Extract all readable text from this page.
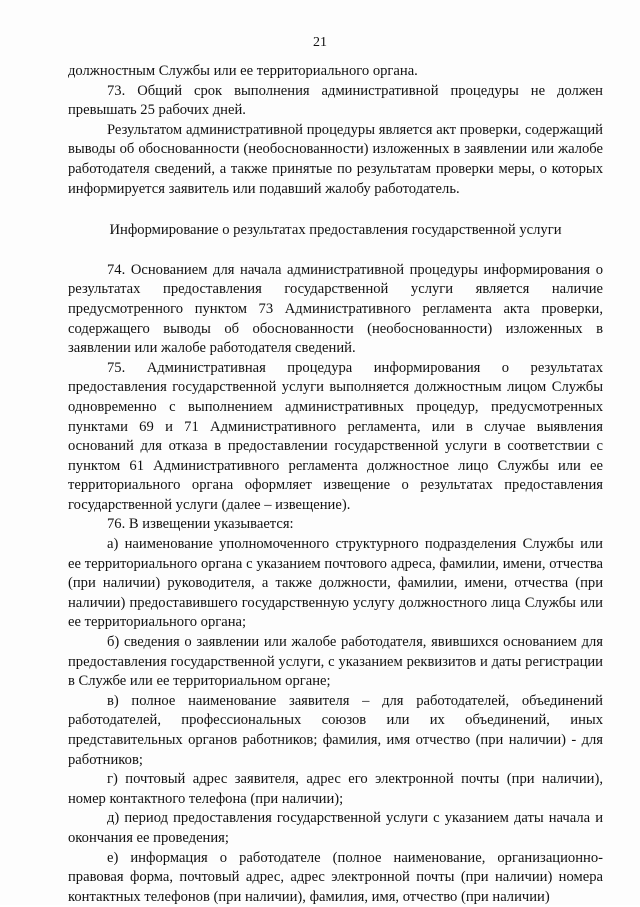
21

должностным Службы или ее территориального органа.

73. Общий срок выполнения административной процедуры не должен превышать 25 рабочих дней.

Результатом административной процедуры является акт проверки, содержащий выводы об обоснованности (необоснованности) изложенных в заявлении или жалобе работодателя сведений, а также принятые по результатам проверки меры, о которых информируется заявитель или подавший жалобу работодатель.

Информирование о результатах предоставления государственной услуги

74. Основанием для начала административной процедуры информирования о результатах предоставления государственной услуги является наличие предусмотренного пунктом 73 Административного регламента акта проверки, содержащего выводы об обоснованности (необоснованности) изложенных в заявлении или жалобе работодателя сведений.

75. Административная процедура информирования о результатах предоставления государственной услуги выполняется должностным лицом Службы одновременно с выполнением административных процедур, предусмотренных пунктами 69 и 71 Административного регламента, или в случае выявления оснований для отказа в предоставлении государственной услуги в соответствии с пунктом 61 Административного регламента должностное лицо Службы или ее территориального органа оформляет извещение о результатах предоставления государственной услуги (далее – извещение).

76. В извещении указывается:

а) наименование уполномоченного структурного подразделения Службы или ее территориального органа с указанием почтового адреса, фамилии, имени, отчества (при наличии) руководителя, а также должности, фамилии, имени, отчества (при наличии) предоставившего государственную услугу должностного лица Службы или ее территориального органа;

б) сведения о заявлении или жалобе работодателя, явившихся основанием для предоставления государственной услуги, с указанием реквизитов и даты регистрации в Службе или ее территориальном органе;

в) полное наименование заявителя – для работодателей, объединений работодателей, профессиональных союзов или их объединений, иных представительных органов работников; фамилия, имя отчество (при наличии) - для работников;

г) почтовый адрес заявителя, адрес его электронной почты (при наличии), номер контактного телефона (при наличии);

д) период предоставления государственной услуги с указанием даты начала и окончания ее проведения;

е) информация о работодателе (полное наименование, организационно-правовая форма, почтовый адрес, адрес электронной почты (при наличии) номера контактных телефонов (при наличии), фамилия, имя, отчество (при наличии)
